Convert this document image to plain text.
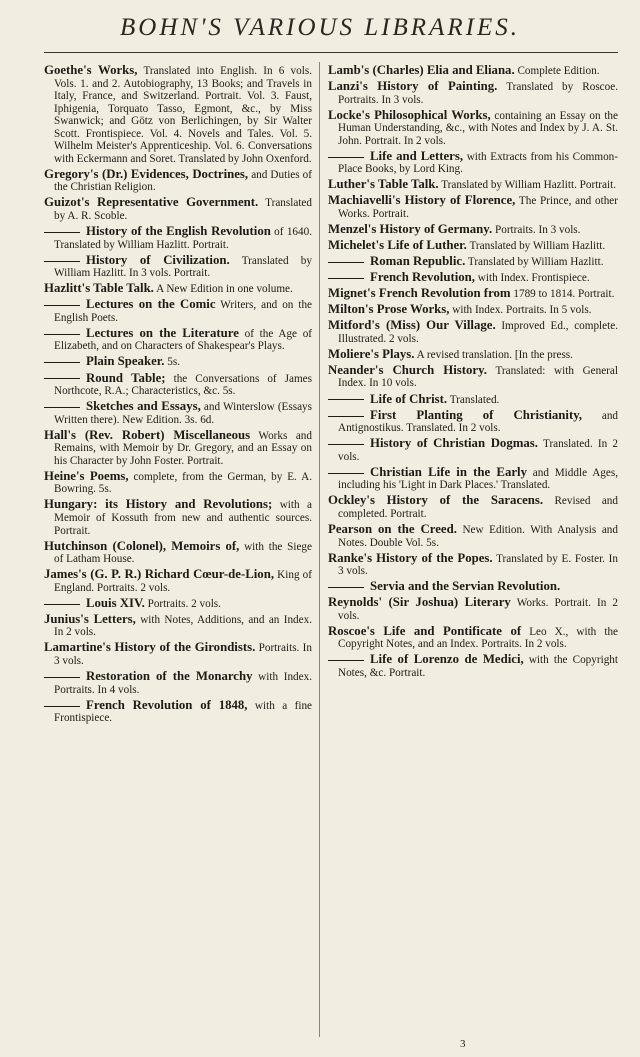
BOHN'S VARIOUS LIBRARIES.
Goethe's Works, Translated into English. In 6 vols. Vols. 1. and 2. Autobiography, 13 Books; and Travels in Italy, France, and Switzerland. Portrait. Vol. 3. Faust, Iphigenia, Torquato Tasso, Egmont, &c., by Miss Swanwick; and Götz von Berlichingen, by Sir Walter Scott. Frontispiece. Vol. 4. Novels and Tales. Vol. 5. Wilhelm Meister's Apprenticeship. Vol. 6. Conversations with Eckermann and Soret. Translated by John Oxenford.
Gregory's (Dr.) Evidences, Doctrines, and Duties of the Christian Religion.
Guizot's Representative Government. Translated by A. R. Scoble.
History of the English Revolution of 1640. Translated by William Hazlitt. Portrait.
History of Civilization. Translated by William Hazlitt. In 3 vols. Portrait.
Hazlitt's Table Talk. A New Edition in one volume.
Lectures on the Comic Writers, and on the English Poets.
Lectures on the Literature of the Age of Elizabeth, and on Characters of Shakespear's Plays.
Plain Speaker. 5s.
Round Table; the Conversations of James Northcote, R.A.; Characteristics, &c. 5s.
Sketches and Essays, and Winterslow (Essays Written there). New Edition. 3s. 6d.
Hall's (Rev. Robert) Miscellaneous Works and Remains, with Memoir by Dr. Gregory, and an Essay on his Character by John Foster. Portrait.
Heine's Poems, complete, from the German, by E. A. Bowring. 5s.
Hungary: its History and Revolutions; with a Memoir of Kossuth from new and authentic sources. Portrait.
Hutchinson (Colonel), Memoirs of, with the Siege of Latham House.
James's (G. P. R.) Richard Cœur-de-Lion, King of England. Portraits. 2 vols.
Louis XIV. Portraits. 2 vols.
Junius's Letters, with Notes, Additions, and an Index. In 2 vols.
Lamartine's History of the Girondists. Portraits. In 3 vols.
Restoration of the Monarchy with Index. Portraits. In 4 vols.
French Revolution of 1848, with a fine Frontispiece.
Lamb's (Charles) Elia and Eliana. Complete Edition.
Lanzi's History of Painting. Translated by Roscoe. Portraits. In 3 vols.
Locke's Philosophical Works, containing an Essay on the Human Understanding, &c., with Notes and Index by J. A. St. John. Portrait. In 2 vols.
Life and Letters, with Extracts from his Common-Place Books, by Lord King.
Luther's Table Talk. Translated by William Hazlitt. Portrait.
Machiavelli's History of Florence, The Prince, and other Works. Portrait.
Menzel's History of Germany. Portraits. In 3 vols.
Michelet's Life of Luther. Translated by William Hazlitt.
Roman Republic. Translated by William Hazlitt.
French Revolution, with Index. Frontispiece.
Mignet's French Revolution from 1789 to 1814. Portrait.
Milton's Prose Works, with Index. Portraits. In 5 vols.
Mitford's (Miss) Our Village. Improved Ed., complete. Illustrated. 2 vols.
Moliere's Plays. A revised translation. [In the press.
Neander's Church History. Translated: with General Index. In 10 vols.
Life of Christ. Translated.
First Planting of Christianity, and Antignostikus. Translated. In 2 vols.
History of Christian Dogmas. Translated. In 2 vols.
Christian Life in the Early and Middle Ages, including his 'Light in Dark Places.' Translated.
Ockley's History of the Saracens. Revised and completed. Portrait.
Pearson on the Creed. New Edition. With Analysis and Notes. Double Vol. 5s.
Ranke's History of the Popes. Translated by E. Foster. In 3 vols.
Servia and the Servian Revolution.
Reynolds' (Sir Joshua) Literary Works. Portrait. In 2 vols.
Roscoe's Life and Pontificate of Leo X., with the Copyright Notes, and an Index. Portraits. In 2 vols.
Life of Lorenzo de Medici, with the Copyright Notes, &c. Portrait.
3
